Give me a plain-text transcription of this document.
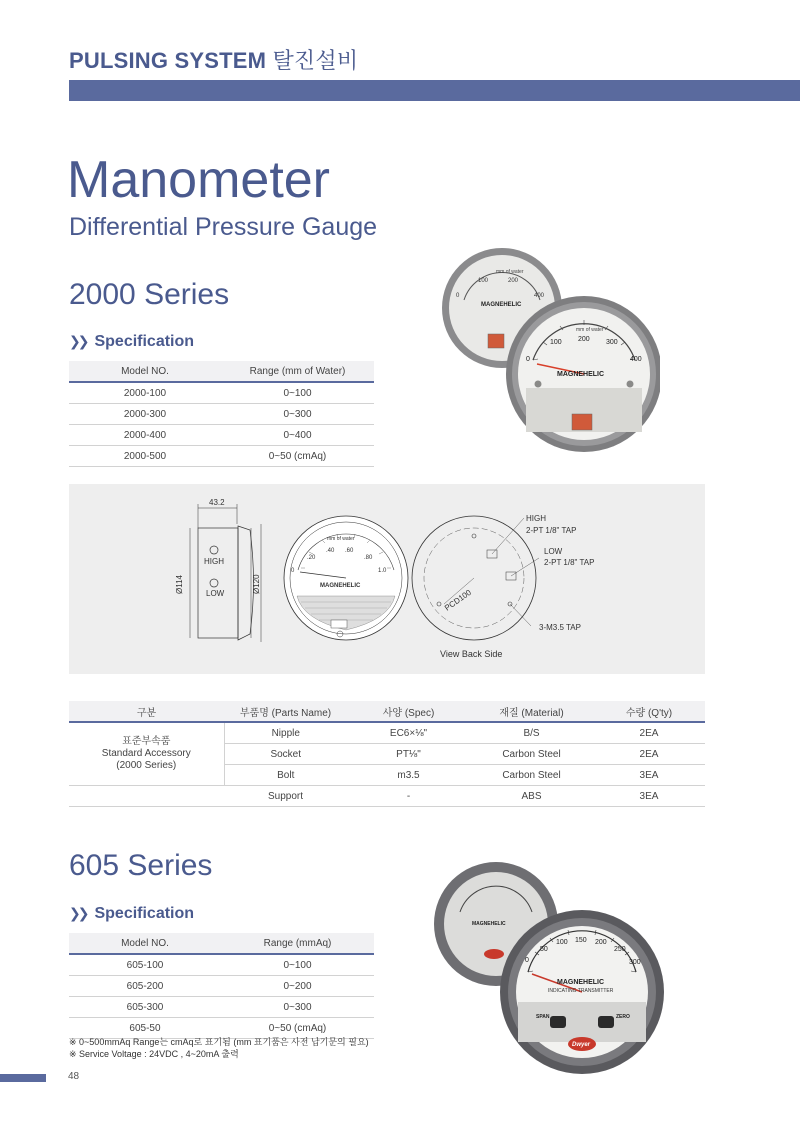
PULSING SYSTEM 탈진설비
Manometer
Differential Pressure Gauge
2000 Series
❯❯ Specification
Model NO.	Range (mm of Water)
2000-100	0~100
2000-300	0~300
2000-400	0~400
2000-500	0~50 (cmAq)
mm of water
0
100	200
400
MAGNEHELIC
mm of water
0
100 200 300
400
MAGNEHELIC
43.2
HIGH
LOW
Ø114	Ø120
mm of water
0
.20
.40 .60
.80
1.0
MAGNEHELIC
HIGH
2-PT 1/8" TAP
LOW
2-PT 1/8" TAP
PCD100
3-M3.5 TAP
View Back Side
구분	부품명 (Parts Name)	사양 (Spec)	재질 (Material)	수량 (Q'ty)

표준부속품
Standard Accessory
(2000 Series)	Nipple	EC6×⅛"	B/S	2EA
	Socket	PT⅛"	Carbon Steel	2EA
	Bolt	m3.5	Carbon Steel	3EA
	Support	-	ABS	3EA
605 Series
❯❯ Specification
Model NO.	Range (mmAq)
605-100	0~100
605-200	0~200
605-300	0~300
605-50	0~50 (cmAq)
※ 0~500mmAq Range는 cmAq로 표기됨 (mm 표기품은 사전 납기문의 필요)
※ Service Voltage : 24VDC , 4~20mA 출력
MAGNEHELIC
0
50
100 150 200
250
300
MAGNEHELIC
INDICATING TRANSMITTER
Dwyer
SPAN	ZERO
48
